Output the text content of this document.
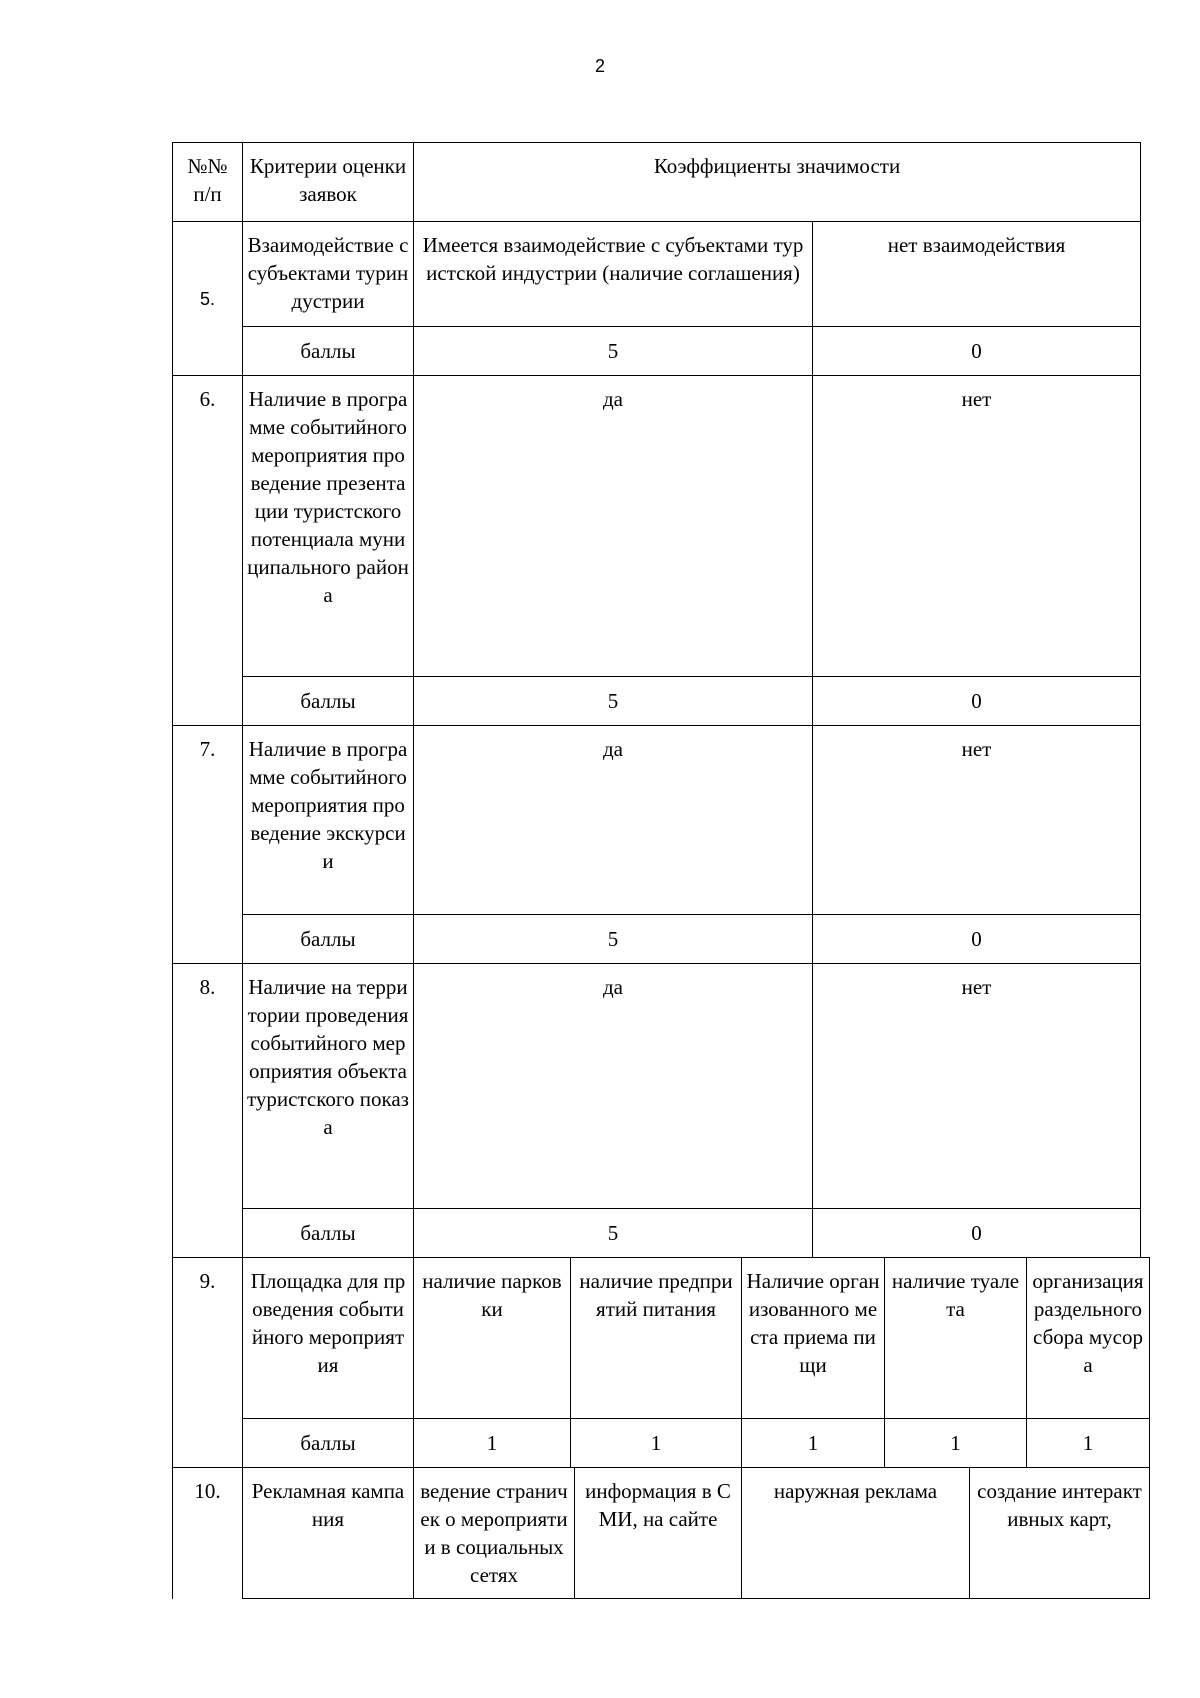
2
№№ п/п	Критерии оценки заявок	Коэффициенты значимости							
5.	Взаимодействие с субъектами туриндустрии	Имеется взаимодействие с субъектами туристской индустрии (наличие соглашения)				нет взаимодействия			
	баллы	5				0			
6.	Наличие в программе событийного мероприятия проведение презентации туристского потенциала муниципального района	да				нет			
	баллы	5				0			
7.	Наличие в программе событийного мероприятия проведение экскурсии	да				нет			
	баллы	5				0			
8.	Наличие на территории проведения событийного мероприятия объекта туристского показа	да				нет			
	баллы	5				0			
9.	Площадка для проведения событийного мероприятия	наличие парковки	наличие предприятий питания		Наличие организованного места приема пищи		наличие туалета		организация раздельного сбора мусора
	баллы	1	1		1		1		1
10.	Рекламная кампания	ведение страничек о мероприятии в социальных сетях		информация в СМИ, на сайте	наружная реклама			создание интерактивных карт,	
